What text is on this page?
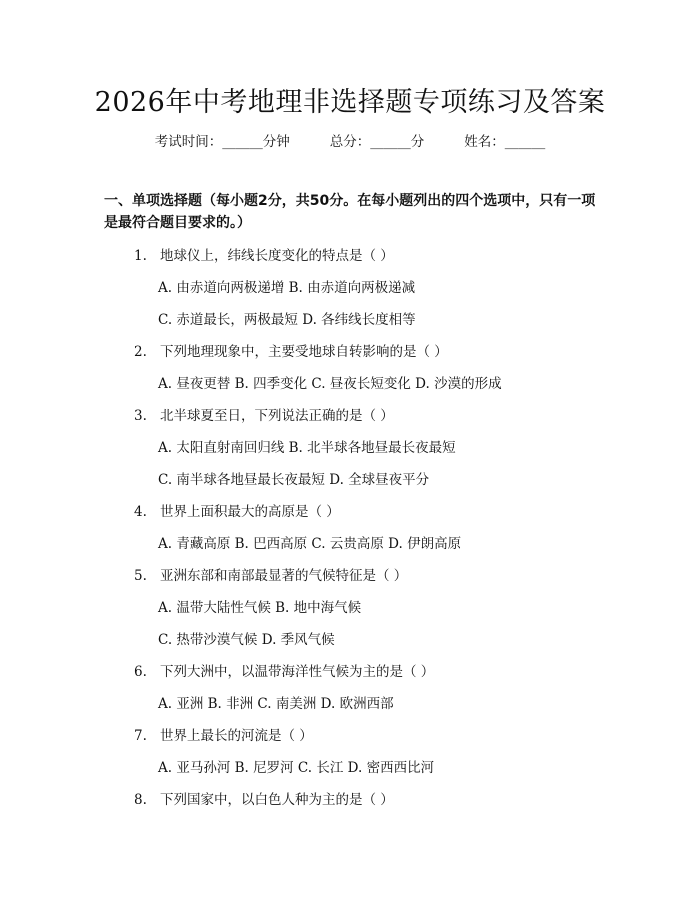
2026年中考地理非选择题专项练习及答案
考试时间：______分钟	总分：______分	姓名：______
一、单项选择题（每小题2分，共50分。在每小题列出的四个选项中，只有一项是最符合题目要求的。）
1. 地球仪上，纬线长度变化的特点是（ ）
A. 由赤道向两极递增 B. 由赤道向两极递减
C. 赤道最长，两极最短 D. 各纬线长度相等
2. 下列地理现象中，主要受地球自转影响的是（ ）
A. 昼夜更替 B. 四季变化 C. 昼夜长短变化 D. 沙漠的形成
3. 北半球夏至日，下列说法正确的是（ ）
A. 太阳直射南回归线 B. 北半球各地昼最长夜最短
C. 南半球各地昼最长夜最短 D. 全球昼夜平分
4. 世界上面积最大的高原是（ ）
A. 青藏高原 B. 巴西高原 C. 云贵高原 D. 伊朗高原
5. 亚洲东部和南部最显著的气候特征是（ ）
A. 温带大陆性气候 B. 地中海气候
C. 热带沙漠气候 D. 季风气候
6. 下列大洲中，以温带海洋性气候为主的是（ ）
A. 亚洲 B. 非洲 C. 南美洲 D. 欧洲西部
7. 世界上最长的河流是（ ）
A. 亚马孙河 B. 尼罗河 C. 长江 D. 密西西比河
8. 下列国家中，以白色人种为主的是（ ）
